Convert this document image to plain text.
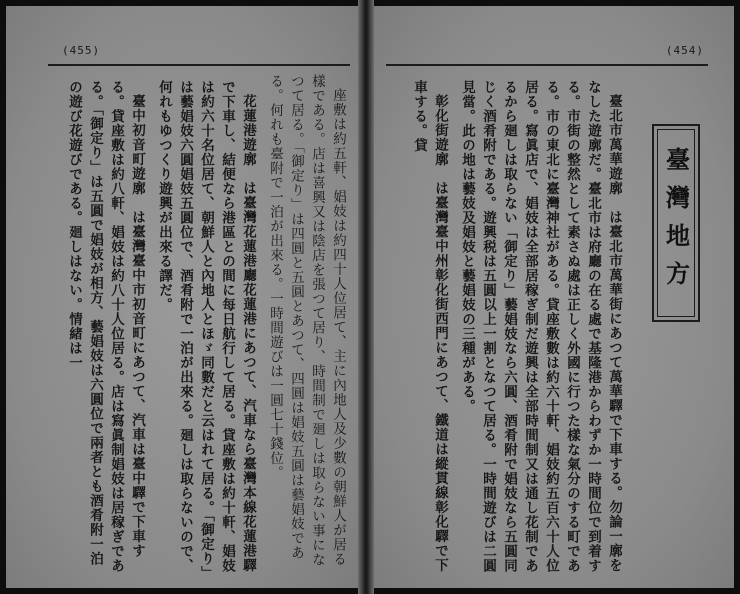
(455)

座敷は約五軒、娼妓は約四十人位居て、主に內地人及少數の朝鮮人が居る樣である。店は喜興又は陰店を張つて居り、時間制で廻しは取らない事になつて居る。「御定り」は四圓と五圓とあつて、四圓は娼妓五圓は藝娼妓である。何れも臺附で一泊が出來る。一時間遊びは一圓七十錢位。

花蓮港遊廓　は臺灣花蓮港廳花蓮港にあつて、汽車なら臺灣本線花蓮港驛で下車し、結便なら港區との間に每日航行して居る。貸座敷は約十軒、娼妓は約六十名位居て、朝鮮人と內地人とほゞ同數だと云はれて居る。「御定り」は藝娼妓六圓娼妓五圓位で、酒肴附で一泊が出來る。廻しは取らないので、何れもゆつくり遊興が出來る譯だ。

臺中初音町遊廓　は臺灣臺中市初音町にあつて、汽車は臺中驛で下車する。貸座敷は約八軒、娼妓は約八十人位居る。店は寫眞制娼妓は居稼ぎである。「御定り」は五圓で娼妓が相方、藝娼妓は六圓位で兩者とも酒肴附一泊の遊び花遊びである。廻しはない。情緒は一

(454)
臺灣地方

臺北市萬華遊廓　は臺北市萬華街にあつて萬華驛で下車する。勿論一廓をなした遊廓だ。臺北市は府廳の在る處で基隆港からわずか一時間位で到着する。市街の整然として素さぬ處は正しく外國に行つた樣な氣分のする町である。市の東北に臺灣神社がある。貸座敷數は約六十軒、娼妓約五百六十人位居る。寫眞店で、娼妓は全部居稼ぎ制だ遊興は全部時間制又は通し花制であるから廻しは取らない「御定り」藝娼妓なら六圓、酒肴附で娼妓なら五圓同じく酒肴附である。遊興税は五圓以上一割となつて居る。一時間遊びは二圓見當。此の地は藝妓及娼妓と藝娼妓の三種がある。

彰化街遊廓　は臺灣臺中州彰化街西門にあつて、鐵道は縱貫線彰化驛で下車する。貸
